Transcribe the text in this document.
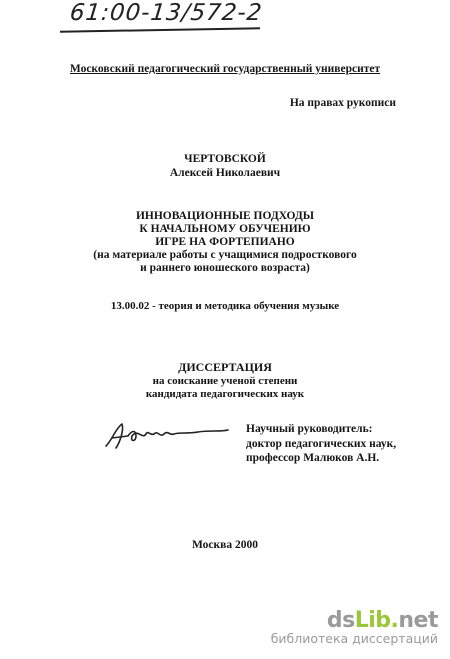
61:00-13/572-2
Московский педагогический государственный университет
На правах рукописи
ЧЕРТОВСКОЙ
Алексей Николаевич
ИННОВАЦИОННЫЕ ПОДХОДЫ
К НАЧАЛЬНОМУ ОБУЧЕНИЮ
ИГРЕ НА ФОРТЕПИАНО
(на материале работы с учащимися подросткового
и раннего юношеского возраста)
13.00.02 - теория и методика обучения музыке
ДИССЕРТАЦИЯ
на соискание ученой степени
кандидата педагогических наук
Научный руководитель:
доктор педагогических наук,
профессор Малюков А.Н.
Москва 2000
dsLib.net
библиотека диссертаций
